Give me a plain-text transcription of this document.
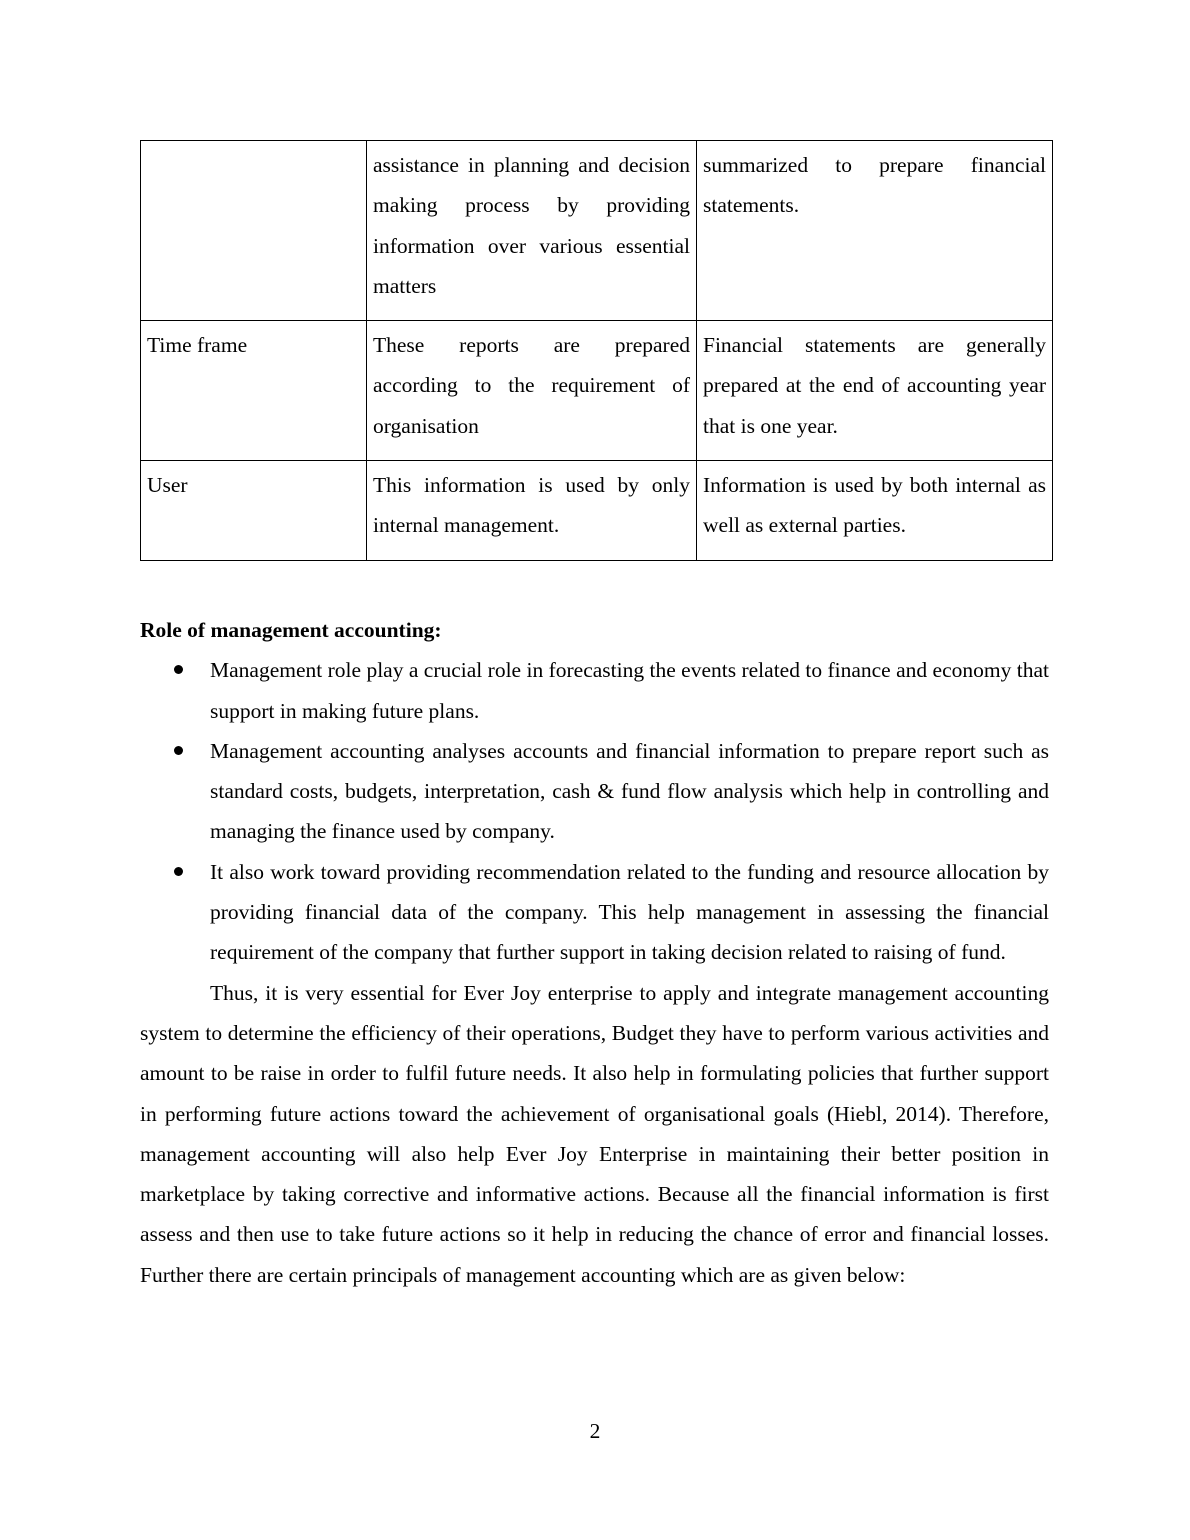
	assistance in planning and decision making process by providing information over various essential matters	summarized to prepare financial statements.
Time frame	These reports are prepared according to the requirement of organisation	Financial statements are generally prepared at the end of accounting year that is one year.
User	This information is used by only internal management.	Information is used by both internal as well as external parties.

Role of management accounting:

Management role play a crucial role in forecasting the events related to finance and economy that support in making future plans.
Management accounting analyses accounts and financial information to prepare report such as standard costs, budgets, interpretation, cash & fund flow analysis which help in controlling and managing the finance used by company.
It also work toward providing recommendation related to the funding and resource allocation by providing financial data of the company. This help management in assessing the financial requirement of the company that further support in taking decision related to raising of fund.

Thus, it is very essential for Ever Joy enterprise to apply and integrate management accounting system to determine the efficiency of their operations, Budget they have to perform various activities and amount to be raise in order to fulfil future needs. It also help in formulating policies that further support in performing future actions toward the achievement of organisational goals (Hiebl, 2014). Therefore, management accounting will also help Ever Joy Enterprise in maintaining their better position in marketplace by taking corrective and informative actions. Because all the financial information is first assess and then use to take future actions so it help in reducing the chance of error and financial losses. Further there are certain principals of management accounting which are as given below:

2
